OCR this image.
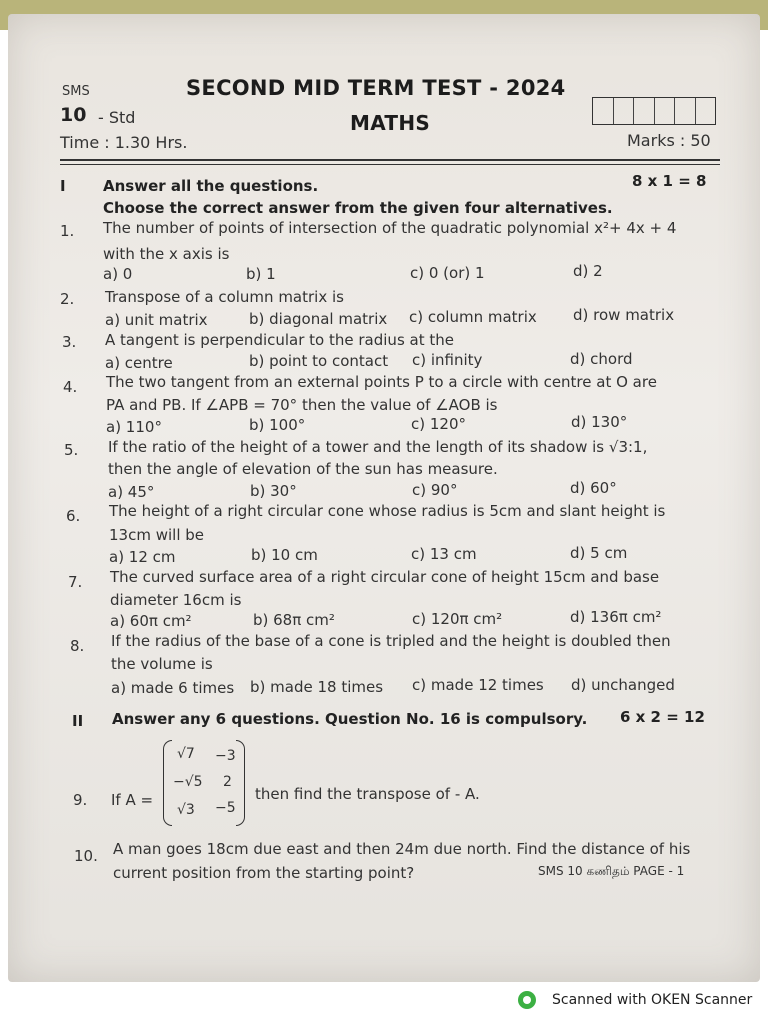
SMS
10 - Std
SECOND MID TERM TEST - 2024
MATHS
Time : 1.30 Hrs.	Marks : 50
I Answer all the questions.	8 x 1 = 8
Choose the correct answer from the given four alternatives.
1. The number of points of intersection of the quadratic polynomial x²+ 4x + 4
with the x axis is
a) 0	b) 1	c) 0 (or) 1	d) 2
2. Transpose of a column matrix is
a) unit matrix	b) diagonal matrix c) column matrix d) row matrix
3. A tangent is perpendicular to the radius at the
a) centre	b) point to contact c) infinity	d) chord
4. The two tangent from an external points P to a circle with centre at O are
PA and PB. If ∠APB = 70° then the value of ∠AOB is
a) 110°	b) 100°	c) 120°	d) 130°
5. If the ratio of the height of a tower and the length of its shadow is √3:1,
then the angle of elevation of the sun has measure.
a) 45°	b) 30°	c) 90°	d) 60°
6. The height of a right circular cone whose radius is 5cm and slant height is
13cm will be
a) 12 cm	b) 10 cm	c) 13 cm	d) 5 cm
7. The curved surface area of a right circular cone of height 15cm and base
diameter 16cm is
a) 60π cm²	b) 68π cm²	c) 120π cm²	d) 136π cm²
8. If the radius of the base of a cone is tripled and the height is doubled then
the volume is
a) made 6 times b) made 18 times c) made 12 times d) unchanged
II Answer any 6 questions. Question No. 16 is compulsory. 6 x 2 = 12
9. If A =
√7 −3
−√5 2
√3 −5
then find the transpose of - A.
10. A man goes 18cm due east and then 24m due north. Find the distance of his
current position from the starting point?	SMS 10 கணிதம் PAGE - 1
Scanned with OKEN Scanner
